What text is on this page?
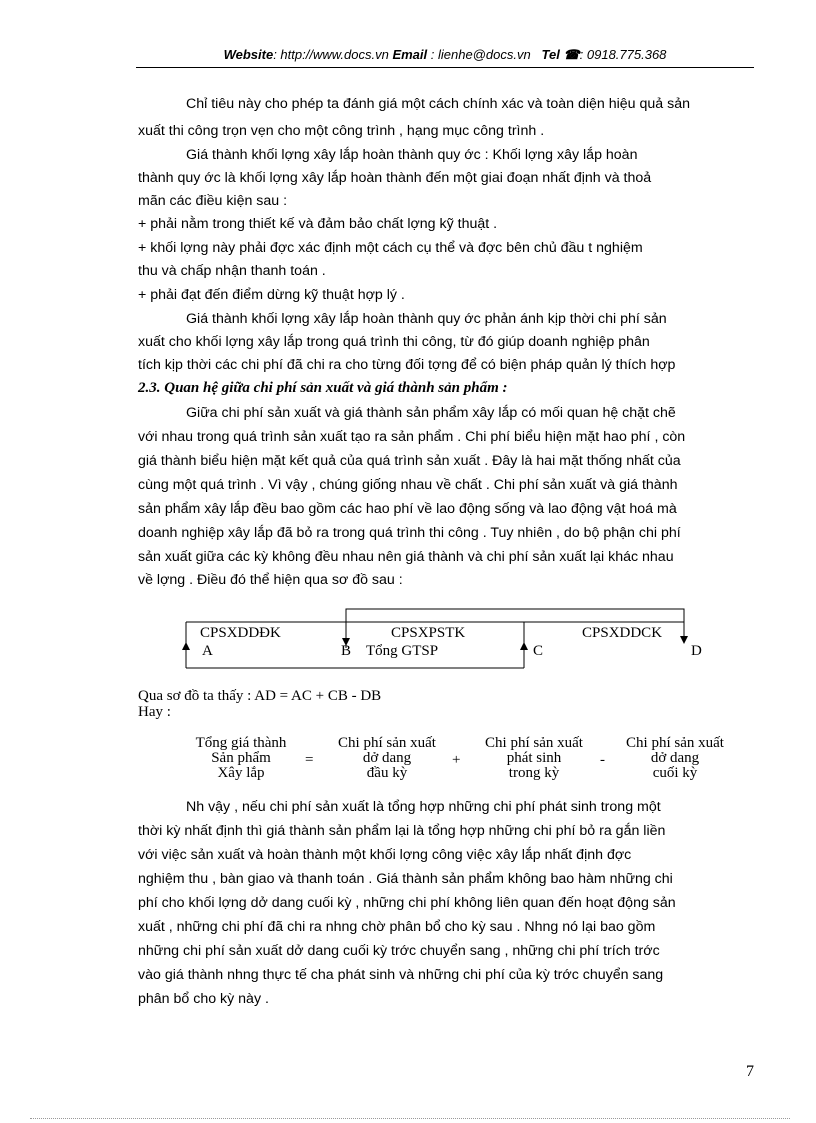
Website: http://www.docs.vn Email : lienhe@docs.vn Tel ☎: 0918.775.368
Chỉ tiêu này cho phép ta đánh giá một cách chính xác và toàn diện hiệu quả sản
xuất thi công trọn vẹn cho một công trình , hạng mục công trình .
Giá thành khối lợng xây lắp hoàn thành quy ớc : Khối lợng xây lắp hoàn
thành quy ớc là khối lợng xây lắp hoàn thành đến một giai đoạn nhất định và thoả
mãn các điều kiện sau :
+ phải nằm trong thiết kế và đảm bảo chất lợng kỹ thuật .
+ khối lợng này phải đợc xác định một cách cụ thể và đợc bên chủ đầu t nghiệm
thu và chấp nhận thanh toán .
+ phải đạt đến điểm dừng kỹ thuật hợp lý .
Giá thành khối lợng xây lắp hoàn thành quy ớc phản ánh kịp thời chi phí sản
xuất cho khối lợng xây lắp trong quá trình thi công, từ đó giúp doanh nghiệp phân
tích kịp thời các chi phí đã chi ra cho từng đối tợng để có biện pháp quản lý thích hợp
2.3. Quan hệ giữa chi phí sản xuất và giá thành sản phẩm :
Giữa chi phí sản xuất và giá thành sản phẩm xây lắp có mối quan hệ chặt chẽ
với nhau trong quá trình sản xuất tạo ra sản phẩm . Chi phí biểu hiện mặt hao phí , còn
giá thành biểu hiện mặt kết quả của quá trình sản xuất . Đây là hai mặt thống nhất của
cùng một quá trình . Vì vậy , chúng giống nhau về chất . Chi phí sản xuất và giá thành
sản phẩm xây lắp đều bao gồm các hao phí về lao động sống và lao động vật hoá mà
doanh nghiệp xây lắp đã bỏ ra trong quá trình thi công . Tuy nhiên , do bộ phận chi phí
sản xuất giữa các kỳ không đều nhau nên giá thành và chi phí sản xuất lại khác nhau
về lợng . Điều đó thể hiện qua sơ đồ sau :
CPSXDDĐK	CPSXPSTK	CPSXDDCK
A	B Tổng GTSP	C	D
Qua sơ đồ ta thấy : AD = AC + CB - DB
Hay :
Tổng giá thành
Sản phẩm
Xây lắp
=
Chi phí sản xuất
dở dang
đầu kỳ
+
Chi phí sản xuất
phát sinh
trong kỳ
-
Chi phí sản xuất
dở dang
cuối kỳ
Nh vậy , nếu chi phí sản xuất là tổng hợp những chi phí phát sinh trong một
thời kỳ nhất định thì giá thành sản phẩm lại là tổng hợp những chi phí bỏ ra gắn liền
với việc sản xuất và hoàn thành một khối lợng công việc xây lắp nhất định đợc
nghiệm thu , bàn giao và thanh toán . Giá thành sản phẩm không bao hàm những chi
phí cho khối lợng dở dang cuối kỳ , những chi phí không liên quan đến hoạt động sản
xuất , những chi phí đã chi ra nhng chờ phân bổ cho kỳ sau . Nhng nó lại bao gồm
những chi phí sản xuất dở dang cuối kỳ trớc chuyển sang , những chi phí trích trớc
vào giá thành nhng thực tế cha phát sinh và những chi phí của kỳ trớc chuyển sang
phân bổ cho kỳ này .
7
